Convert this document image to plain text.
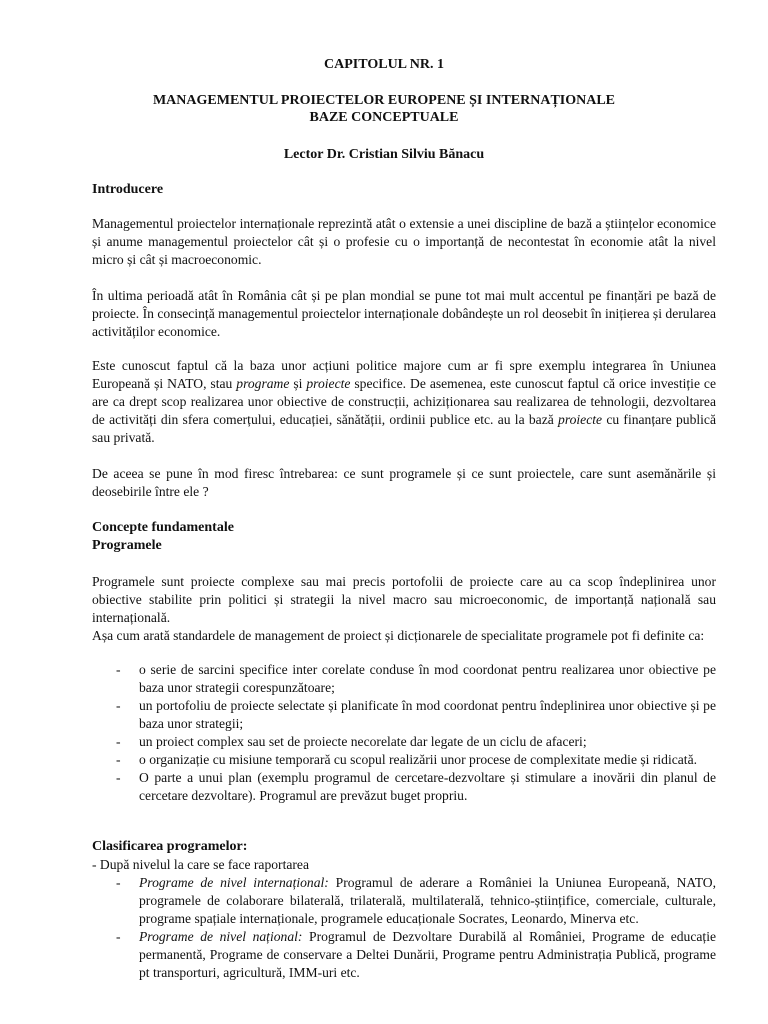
CAPITOLUL NR. 1
MANAGEMENTUL PROIECTELOR EUROPENE ȘI INTERNAȚIONALE
BAZE CONCEPTUALE
Lector Dr. Cristian Silviu Bănacu
Introducere
Managementul proiectelor internaționale reprezintă atât o extensie a unei discipline de bază a științelor economice și anume managementul proiectelor cât și o profesie cu o importanță de necontestat în economie atât la nivel micro și cât și macroeconomic.
În ultima perioadă atât în România cât și pe plan mondial se pune tot mai mult accentul pe finanțări pe bază de proiecte. În consecință managementul proiectelor internaționale dobândește un rol deosebit în inițierea și derularea activităților economice.
Este cunoscut faptul că la baza unor acțiuni politice majore cum ar fi spre exemplu integrarea în Uniunea Europeană și NATO, stau programe și proiecte specifice. De asemenea, este cunoscut faptul că orice investiție ce are ca drept scop realizarea unor obiective de construcții, achiziționarea sau realizarea de tehnologii, dezvoltarea de activități din sfera comerțului, educației, sănătății, ordinii publice etc. au la bază proiecte cu finanțare publică sau privată.
De aceea se pune în mod firesc întrebarea: ce sunt programele și ce sunt proiectele, care sunt asemănările și deosebirile între ele ?
Concepte fundamentale
Programele
Programele sunt proiecte complexe sau mai precis portofolii de proiecte care au ca scop îndeplinirea unor obiective stabilite prin politici și strategii la nivel macro sau microeconomic, de importanță națională sau internațională.
Așa cum arată standardele de management de proiect și dicționarele de specialitate programele pot fi definite ca:
- o serie de sarcini specifice inter corelate conduse în mod coordonat pentru realizarea unor obiective pe baza unor strategii corespunzătoare;
- un portofoliu de proiecte selectate și planificate în mod coordonat pentru îndeplinirea unor obiective și pe baza unor strategii;
- un proiect complex sau set de proiecte necorelate dar legate de un ciclu de afaceri;
- o organizație cu misiune temporară cu scopul realizării unor procese de complexitate medie și ridicată.
- O parte a unui plan (exemplu programul de cercetare-dezvoltare și stimulare a inovării din planul de cercetare dezvoltare). Programul are prevăzut buget propriu.
Clasificarea programelor:
- După nivelul la care se face raportarea
- Programe de nivel internațional: Programul de aderare a României la Uniunea Europeană, NATO, programele de colaborare bilaterală, trilaterală, multilaterală, tehnico-științifice, comerciale, culturale, programe spațiale internaționale, programele educaționale Socrates, Leonardo, Minerva etc.
- Programe de nivel național: Programul de Dezvoltare Durabilă al României, Programe de educație permanentă, Programe de conservare a Deltei Dunării, Programe pentru Administrația Publică, programe pt transporturi, agricultură, IMM-uri etc.
